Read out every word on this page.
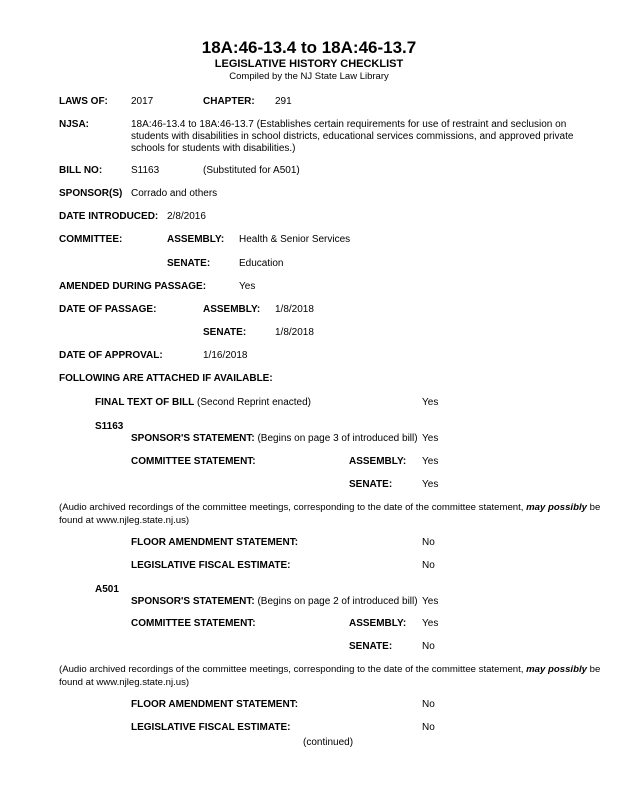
18A:46-13.4 to 18A:46-13.7
LEGISLATIVE HISTORY CHECKLIST
Compiled by the NJ State Law Library
LAWS OF: 2017	CHAPTER: 291
NJSA:	18A:46-13.4 to 18A:46-13.7 (Establishes certain requirements for use of restraint and seclusion on students with disabilities in school districts, educational services commissions, and approved private schools for students with disabilities.)
BILL NO:	S1163	(Substituted for A501)
SPONSOR(S) Corrado and others
DATE INTRODUCED: 2/8/2016
COMMITTEE:	ASSEMBLY: Health & Senior Services
SENATE:	Education
AMENDED DURING PASSAGE:	Yes
DATE OF PASSAGE:	ASSEMBLY: 1/8/2018
SENATE:	1/8/2018
DATE OF APPROVAL:	1/16/2018
FOLLOWING ARE ATTACHED IF AVAILABLE:
FINAL TEXT OF BILL (Second Reprint enacted)	Yes
S1163
SPONSOR'S STATEMENT: (Begins on page 3 of introduced bill) Yes
COMMITTEE STATEMENT:	ASSEMBLY: Yes
SENATE:	Yes
(Audio archived recordings of the committee meetings, corresponding to the date of the committee statement, may possibly be found at www.njleg.state.nj.us)
FLOOR AMENDMENT STATEMENT:	No
LEGISLATIVE FISCAL ESTIMATE:	No
A501
SPONSOR'S STATEMENT: (Begins on page 2 of introduced bill) Yes
COMMITTEE STATEMENT:	ASSEMBLY: Yes
SENATE:	No
(Audio archived recordings of the committee meetings, corresponding to the date of the committee statement, may possibly be found at www.njleg.state.nj.us)
FLOOR AMENDMENT STATEMENT:	No
LEGISLATIVE FISCAL ESTIMATE:	No
(continued)
